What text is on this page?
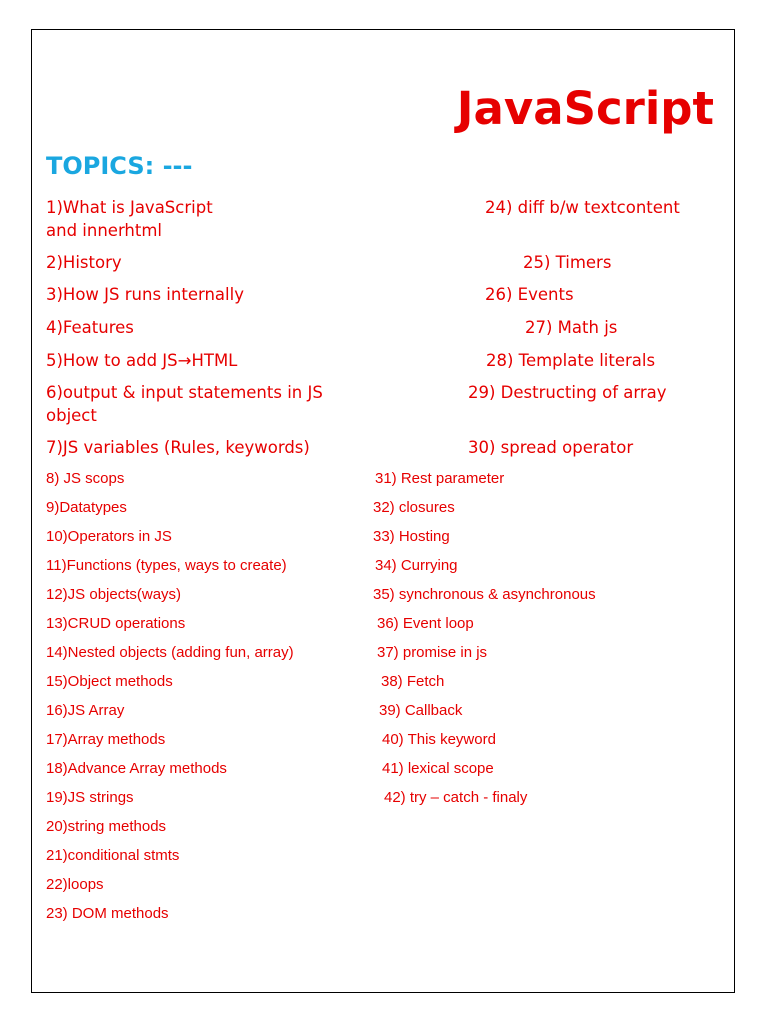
JavaScript
TOPICS: ---
1)What is JavaScript
and innerhtml
2)History
3)How JS runs internally
4)Features
5)How to add JS→HTML
6)output & input statements in JS
object
7)JS variables (Rules, keywords)
24) diff b/w textcontent
25) Timers
26) Events
27) Math js
28) Template literals
29) Destructing of array
30) spread operator
8) JS scops
9)Datatypes
10)Operators in JS
11)Functions (types, ways to create)
12)JS objects(ways)
13)CRUD operations
14)Nested objects (adding fun, array)
15)Object methods
16)JS Array
17)Array methods
18)Advance Array methods
19)JS strings
20)string methods
21)conditional stmts
22)loops
23) DOM methods
31) Rest parameter
32) closures
33) Hosting
34) Currying
35) synchronous & asynchronous
36) Event loop
37) promise in js
38) Fetch
39) Callback
40) This keyword
41) lexical scope
42) try – catch - finaly
